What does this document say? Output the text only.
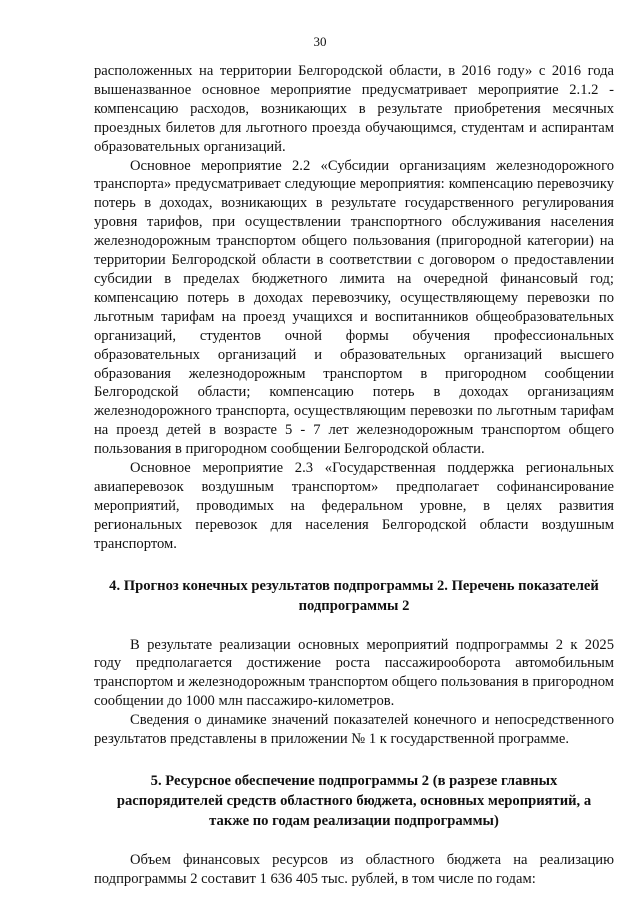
30

расположенных на территории Белгородской области, в 2016 году» с 2016 года вышеназванное основное мероприятие предусматривает мероприятие 2.1.2 - компенсацию расходов, возникающих в результате приобретения месячных проездных билетов для льготного проезда обучающимся, студентам и аспирантам образовательных организаций.

Основное мероприятие 2.2 «Субсидии организациям железнодорожного транспорта» предусматривает следующие мероприятия: компенсацию перевозчику потерь в доходах, возникающих в результате государственного регулирования уровня тарифов, при осуществлении транспортного обслуживания населения железнодорожным транспортом общего пользования (пригородной категории) на территории Белгородской области в соответствии с договором о предоставлении субсидии в пределах бюджетного лимита на очередной финансовый год; компенсацию потерь в доходах перевозчику, осуществляющему перевозки по льготным тарифам на проезд учащихся и воспитанников общеобразовательных организаций, студентов очной формы обучения профессиональных образовательных организаций и образовательных организаций высшего образования железнодорожным транспортом в пригородном сообщении Белгородской области; компенсацию потерь в доходах организациям железнодорожного транспорта, осуществляющим перевозки по льготным тарифам на проезд детей в возрасте 5 - 7 лет железнодорожным транспортом общего пользования в пригородном сообщении Белгородской области.

Основное мероприятие 2.3 «Государственная поддержка региональных авиаперевозок воздушным транспортом» предполагает софинансирование мероприятий, проводимых на федеральном уровне, в целях развития региональных перевозок для населения Белгородской области воздушным транспортом.

4. Прогноз конечных результатов подпрограммы 2. Перечень показателей подпрограммы 2

В результате реализации основных мероприятий подпрограммы 2 к 2025 году предполагается достижение роста пассажирооборота автомобильным транспортом и железнодорожным транспортом общего пользования в пригородном сообщении до 1000 млн пассажиро-километров.

Сведения о динамике значений показателей конечного и непосредственного результатов представлены в приложении № 1 к государственной программе.

5. Ресурсное обеспечение подпрограммы 2 (в разрезе главных распорядителей средств областного бюджета, основных мероприятий, а также по годам реализации подпрограммы)

Объем финансовых ресурсов из областного бюджета на реализацию подпрограммы 2 составит 1 636 405 тыс. рублей, в том числе по годам:
